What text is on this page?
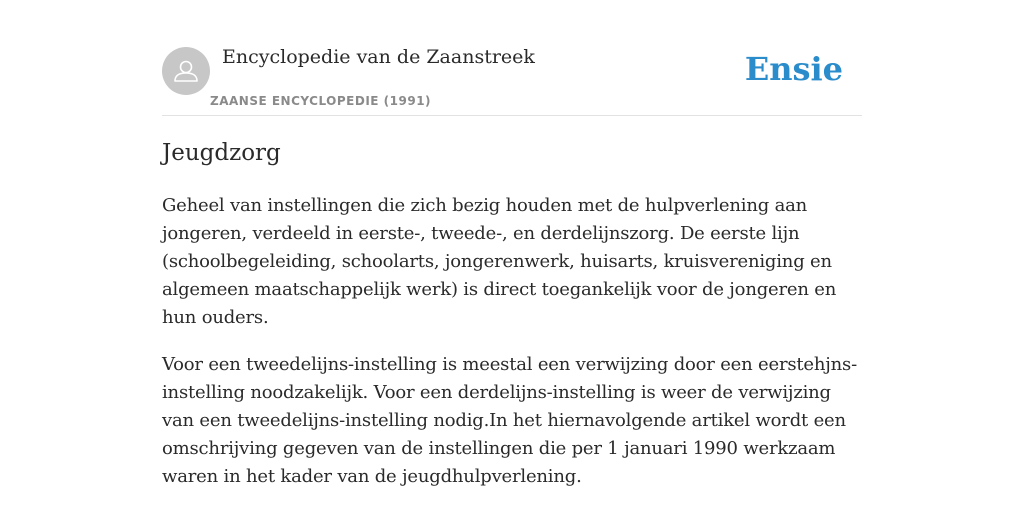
Encyclopedie van de Zaanstreek
ZAANSE ENCYCLOPEDIE (1991)
Ensie
Jeugdzorg

Geheel van instellingen die zich bezig houden met de hulpverlening aan jongeren, verdeeld in eerste-, tweede-, en derdelijnszorg. De eerste lijn (schoolbegeleiding, schoolarts, jongerenwerk, huisarts, kruisvereniging en algemeen maatschappelijk werk) is direct toegankelijk voor de jongeren en hun ouders.

Voor een tweedelijns-instelling is meestal een verwijzing door een eerstehjns-instelling noodzakelijk. Voor een derdelijns-instelling is weer de verwijzing van een tweedelijns-instelling nodig.In het hiernavolgende artikel wordt een omschrijving gegeven van de instellingen die per 1 januari 1990 werkzaam waren in het kader van de jeugdhulpverlening.
